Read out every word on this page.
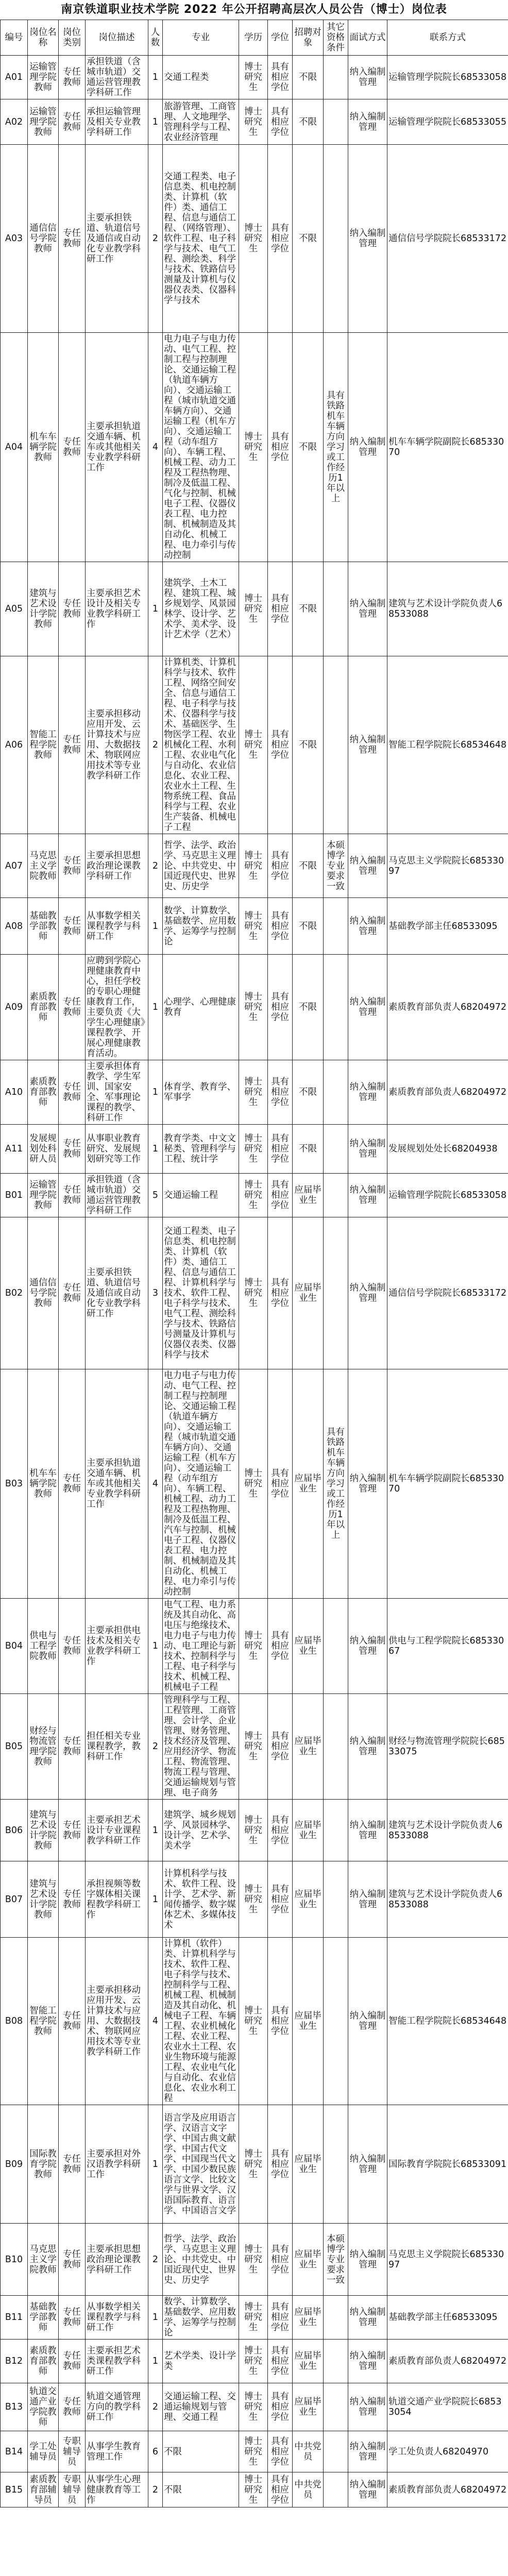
南京铁道职业技术学院 2022 年公开招聘高层次人员公告（博士）岗位表
编号	岗位名称	岗位类别	岗位描述	人数	专业	学历	学位	招聘对象	其它资格条件	面试方式	联系方式
A01	运输管理学院教师	专任教师	承担铁道（含城市轨道）交通运营管理教学科研工作	1	交通工程类	博士研究生	具有相应学位	不限		纳入编制管理	运输管理学院院长68533058
A02	运输管理学院教师	专任教师	承担运输管理及相关专业教学科研工作	1	旅游管理、工商管理、人文地理学、管理科学与工程、农业经济管理	博士研究生	具有相应学位	不限		纳入编制管理	运输管理学院院长68533055
A03	通信信号学院教师	专任教师	主要承担铁道、轨道信号及通信或自动化专业教学科研工作	2	交通工程类、电子信息类、机电控制类、计算机（软件）类、通信工程、信息与通信工程、（网络管理）、软件工程、电子科学与技术、电气工程、测绘类、科学与技术、铁路信号测量及计算机与仪器仪表类、仪器科学与技术	博士研究生	具有相应学位	不限		纳入编制管理	通信信号学院院长68533172
A04	机车车辆学院教师	专任教师	主要承担轨道交通车辆、机车或其他相关专业教学科研工作	4	电力电子与电力传动、电气工程、控制工程与控制理论、交通运输工程（轨道车辆方向）、交通运输工程（城市轨道交通车辆方向）、交通运输工程（机车方向）、交通运输工程（动车组方向）、车辆工程、机械工程、动力工程及工程热物理、制冷及低温工程、气化与控制、机械电子工程、仪器仪表工程、电力控制、机械制造及其自动化、机械工程、电力牵引与传动控制	博士研究生	具有相应学位	不限	具有铁路机车车辆方向学习或工作经历1年以上	纳入编制管理	机车车辆学院副院长68533070
A05	建筑与艺术设计学院教师	专任教师	主要承担艺术设计及相关专业教学科研工作	1	建筑学、土木工程、建筑工程、城乡规划学、风景园林学、设计学、艺术学、美术学、设计艺术学（艺术）	博士研究生	具有相应学位	不限		纳入编制管理	建筑与艺术设计学院负责人68533088
A06	智能工程学院教师	专任教师	主要承担移动应用开发、云计算技术与应用、大数据技术、物联网应用技术等专业教学科研工作	2	计算机类、计算机科学与技术、软件工程、网络空间安全、信息与通信工程、电子科学与技术、仪器科学与技术、基础医学、生物医学工程、农业机械化工程、水利工程、农业电气化与自动化、农业信息化、农业工程、农业水土工程、生物系统工程、食品科学与工程、农业生产装备、机械电子工程	博士研究生	具有相应学位	不限		纳入编制管理	智能工程学院院长68534648
A07	马克思主义学院教师	专任教师	主要承担思想政治理论课教学科研工作	2	哲学、法学、政治学、马克思主义理论、中共党史、中国近现代史、世界史、历史学	博士研究生	具有相应学位	不限	本硕博学专业要求一致	纳入编制管理	马克思主义学院院长68533097
A08	基础教学部教师	专任教师	从事数学相关课程教学与科研工作	1	数学、计算数学、基础数学、应用数学、运筹学与控制论	博士研究生	具有相应学位	不限		纳入编制管理	基础教学部主任68533095
A09	素质教育部教师	专任教师	应聘到学院心理健康教育中心，担任学校的专职心理健康教育工作，主要负责《大学生心理健康》课程教学、开展心理健康教育活动。	1	心理学、心理健康教育	博士研究生	具有相应学位	不限		纳入编制管理	素质教育部负责人68204972
A10	素质教育部教师	专任教师	主要承担体育教学、学生军训、国家安全、军事理论课程的教学、科研工作	1	体育学、教育学、军事学	博士研究生	具有相应学位	不限		纳入编制管理	素质教育部负责人68204972
A11	发展规划处科研人员	专任教师	从事职业教育研究、发展规划研究等工作	1	教育学类、中文文秘类、管理科学与工程、统计学	博士研究生	具有相应学位	不限		纳入编制管理	发展规划处处长68204938
B01	运输管理学院教师	专任教师	承担铁道（含城市轨道）交通运营管理教学科研工作	5	交通运输工程	博士研究生	具有相应学位	应届毕业生		纳入编制管理	运输管理学院院长68533058
B02	通信信号学院教师	专任教师	主要承担铁道、轨道信号及通信或自动化专业教学科研工作	3	交通工程类、电子信息类、机电控制类、计算机（软件）类、通信工程、信息与通信工程、计算机科学与技术、软件工程、电子科学与技术、电气工程、测绘科学与技术、铁路信号测量及计算机与仪器仪表类、仪器科学与技术	博士研究生	具有相应学位	应届毕业生		纳入编制管理	通信信号学院院长68533172
B03	机车车辆学院教师	专任教师	主要承担轨道交通车辆、机车或其他相关专业教学科研工作	4	电力电子与电力传动、电气工程、控制工程与控制理论、交通运输工程（轨道车辆方向）、交通运输工程（城市轨道交通车辆方向）、交通运输工程（机车方向）、交通运输工程（动车组方向）、车辆工程、机械工程、动力工程及工程热物理、制冷及低温工程、汽车与控制、机械电子工程、仪器仪表工程、电力控制、机械制造及其自动化、机械工程、电力牵引与传动控制	博士研究生	具有相应学位	应届毕业生	具有铁路机车车辆方向学习或工作经历1年以上	纳入编制管理	机车车辆学院副院长68533070
B04	供电与工程学院教师	专任教师	主要承担供电技术及相关专业教学科研工作	1	电气工程、电力系统及其自动化、高电压与绝缘技术、电力电子与电力传动、电工理论与新技术、控制科学与工程、电子科学与技术、机械工程、机械电子工程	博士研究生	具有相应学位	应届毕业生		纳入编制管理	供电与工程学院院长68533067
B05	财经与物流管理学院教师	专任教师	担任相关专业课程教学，教科研工作	2	管理科学与工程、工程管理、工商管理、会计学、企业管理、财务管理、技术经济及管理、应用经济学、物流工程、物流管理、物流工程与管理、交通运输规划与管理、电子商务	博士研究生	具有相应学位	应届毕业生		纳入编制管理	财经与物流管理学院院长68533075
B06	建筑与艺术设计学院教师	专任教师	主要承担艺术设计专业课程教学科研工作	1	建筑学、城乡规划学、风景园林学、设计学、艺术学、美术学	博士研究生	具有相应学位	应届毕业生		纳入编制管理	建筑与艺术设计学院负责人68533088
B07	建筑与艺术设计学院教师	专任教师	承担视频等数字媒体相关课程教学科研工作	1	计算机科学与技术、软件工程、设计学、艺术学、新闻传播学、数字媒体艺术、多媒体技术	博士研究生	具有相应学位	应届毕业生		纳入编制管理	建筑与艺术设计学院负责人68533088
B08	智能工程学院教师	专任教师	主要承担移动应用开发、云计算技术与应用、大数据技术、物联网应用技术等专业教学科研工作	4	计算机（软件）类、计算机科学与技术、软件工程、电子科学与技术、控制科学与工程、机械工程、机械制造及其自动化、机械电子工程、车辆工程、农业机械化工程、农业工程、农业水土工程、农业生物环境与能源工程、农业电气化与自动化、农业信息化、农业水利工程	博士研究生	具有相应学位	应届毕业生		纳入编制管理	智能工程学院院长68534648
B09	国际教育学院教师	专任教师	主要承担对外汉语教学科研工作	1	语言学及应用语言学、汉语言文字学、中国古典文献学、中国古代文学、中国现当代文学、中国少数民族语言文学、比较文学与世界文学、汉语国际教育、语言学、中国语言文学	博士研究生	具有相应学位	应届毕业生		纳入编制管理	国际教育学院院长68533091
B10	马克思主义学院教师	专任教师	主要承担思想政治理论课教学科研工作	2	哲学、法学、政治学、马克思主义理论、中共党史、中国近现代史、世界史、历史学	博士研究生	具有相应学位	应届毕业生	本硕博学专业要求一致	纳入编制管理	马克思主义学院院长68533097
B11	基础教学部教师	专任教师	从事数学相关课程教学与科研工作	1	数学、计算数学、基础数学、应用数学、运筹学与控制论	博士研究生	具有相应学位	应届毕业生		纳入编制管理	基础教学部主任68533095
B12	素质教育部教师	专任教师	主要承担艺术类课程教学科研工作	1	艺术学类、设计学类	博士研究生	具有相应学位	应届毕业生		纳入编制管理	素质教育部负责人68204972
B13	轨道交通产业学院教师	专任教师	轨道交通管理方向的教学科研工作	2	交通运输工程、交通运输规划与管理、交通工程	博士研究生	具有相应学位	应届毕业生		纳入编制管理	轨道交通产业学院院长68533054
B14	学工处辅导员	专职辅导员	从事学生教育管理工作	6	不限	博士研究生	具有相应学位	中共党员		纳入编制管理	学工处负责人68204970
B15	素质教育部辅导员	专职辅导员	从事学生心理健康教育等工作	2	不限	博士研究生	具有相应学位	中共党员		纳入编制管理	素质教育部负责人68204972
